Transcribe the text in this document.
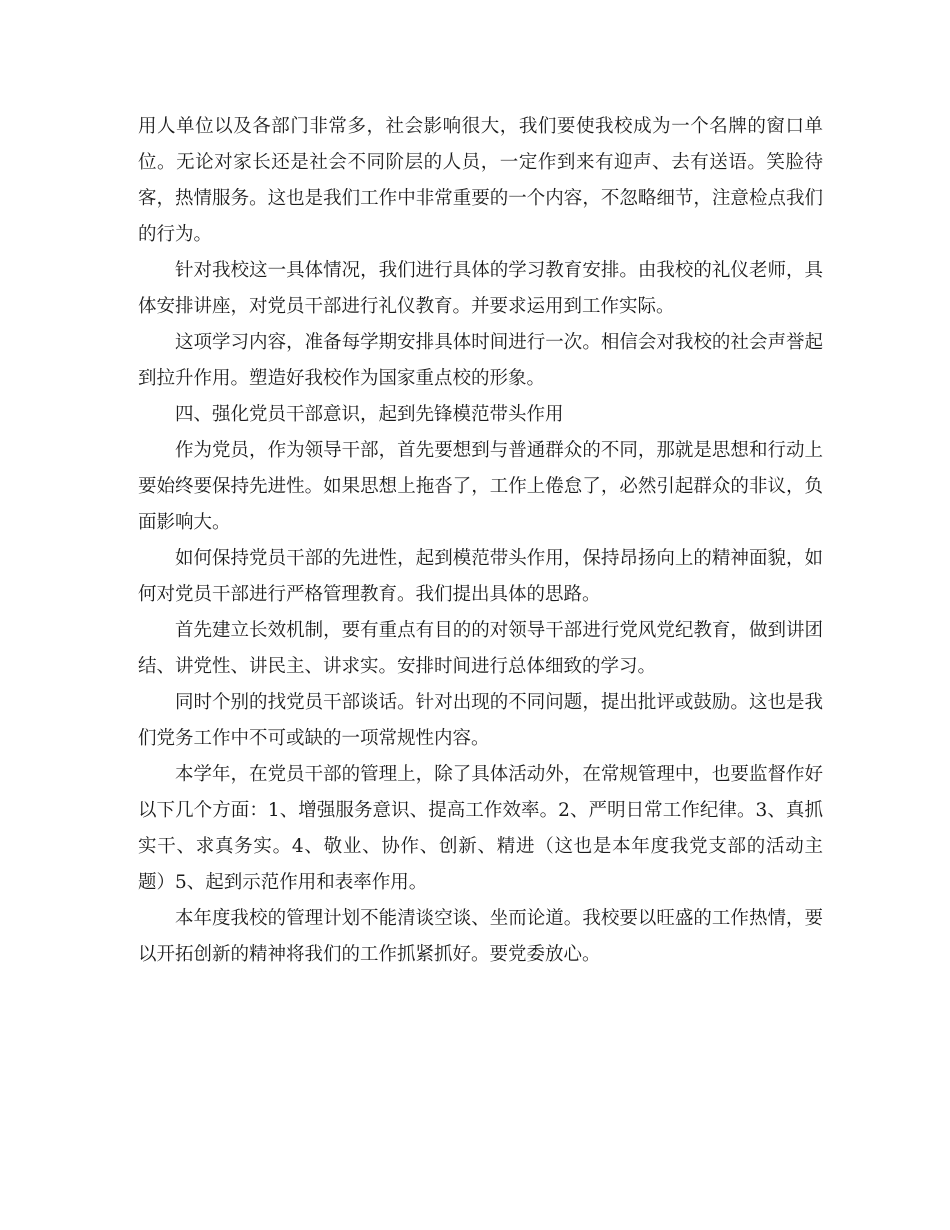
用人单位以及各部门非常多，社会影响很大，我们要使我校成为一个名牌的窗口单位。无论对家长还是社会不同阶层的人员，一定作到来有迎声、去有送语。笑脸待客，热情服务。这也是我们工作中非常重要的一个内容，不忽略细节，注意检点我们的行为。

针对我校这一具体情况，我们进行具体的学习教育安排。由我校的礼仪老师，具体安排讲座，对党员干部进行礼仪教育。并要求运用到工作实际。

这项学习内容，准备每学期安排具体时间进行一次。相信会对我校的社会声誉起到拉升作用。塑造好我校作为国家重点校的形象。

四、强化党员干部意识，起到先锋模范带头作用

作为党员，作为领导干部，首先要想到与普通群众的不同，那就是思想和行动上要始终要保持先进性。如果思想上拖沓了，工作上倦怠了，必然引起群众的非议，负面影响大。

如何保持党员干部的先进性，起到模范带头作用，保持昂扬向上的精神面貌，如何对党员干部进行严格管理教育。我们提出具体的思路。

首先建立长效机制，要有重点有目的的对领导干部进行党风党纪教育，做到讲团结、讲党性、讲民主、讲求实。安排时间进行总体细致的学习。

同时个别的找党员干部谈话。针对出现的不同问题，提出批评或鼓励。这也是我们党务工作中不可或缺的一项常规性内容。

本学年，在党员干部的管理上，除了具体活动外，在常规管理中，也要监督作好以下几个方面：1、增强服务意识、提高工作效率。2、严明日常工作纪律。3、真抓实干、求真务实。4、敬业、协作、创新、精进（这也是本年度我党支部的活动主题）5、起到示范作用和表率作用。

本年度我校的管理计划不能清谈空谈、坐而论道。我校要以旺盛的工作热情，要以开拓创新的精神将我们的工作抓紧抓好。要党委放心。
